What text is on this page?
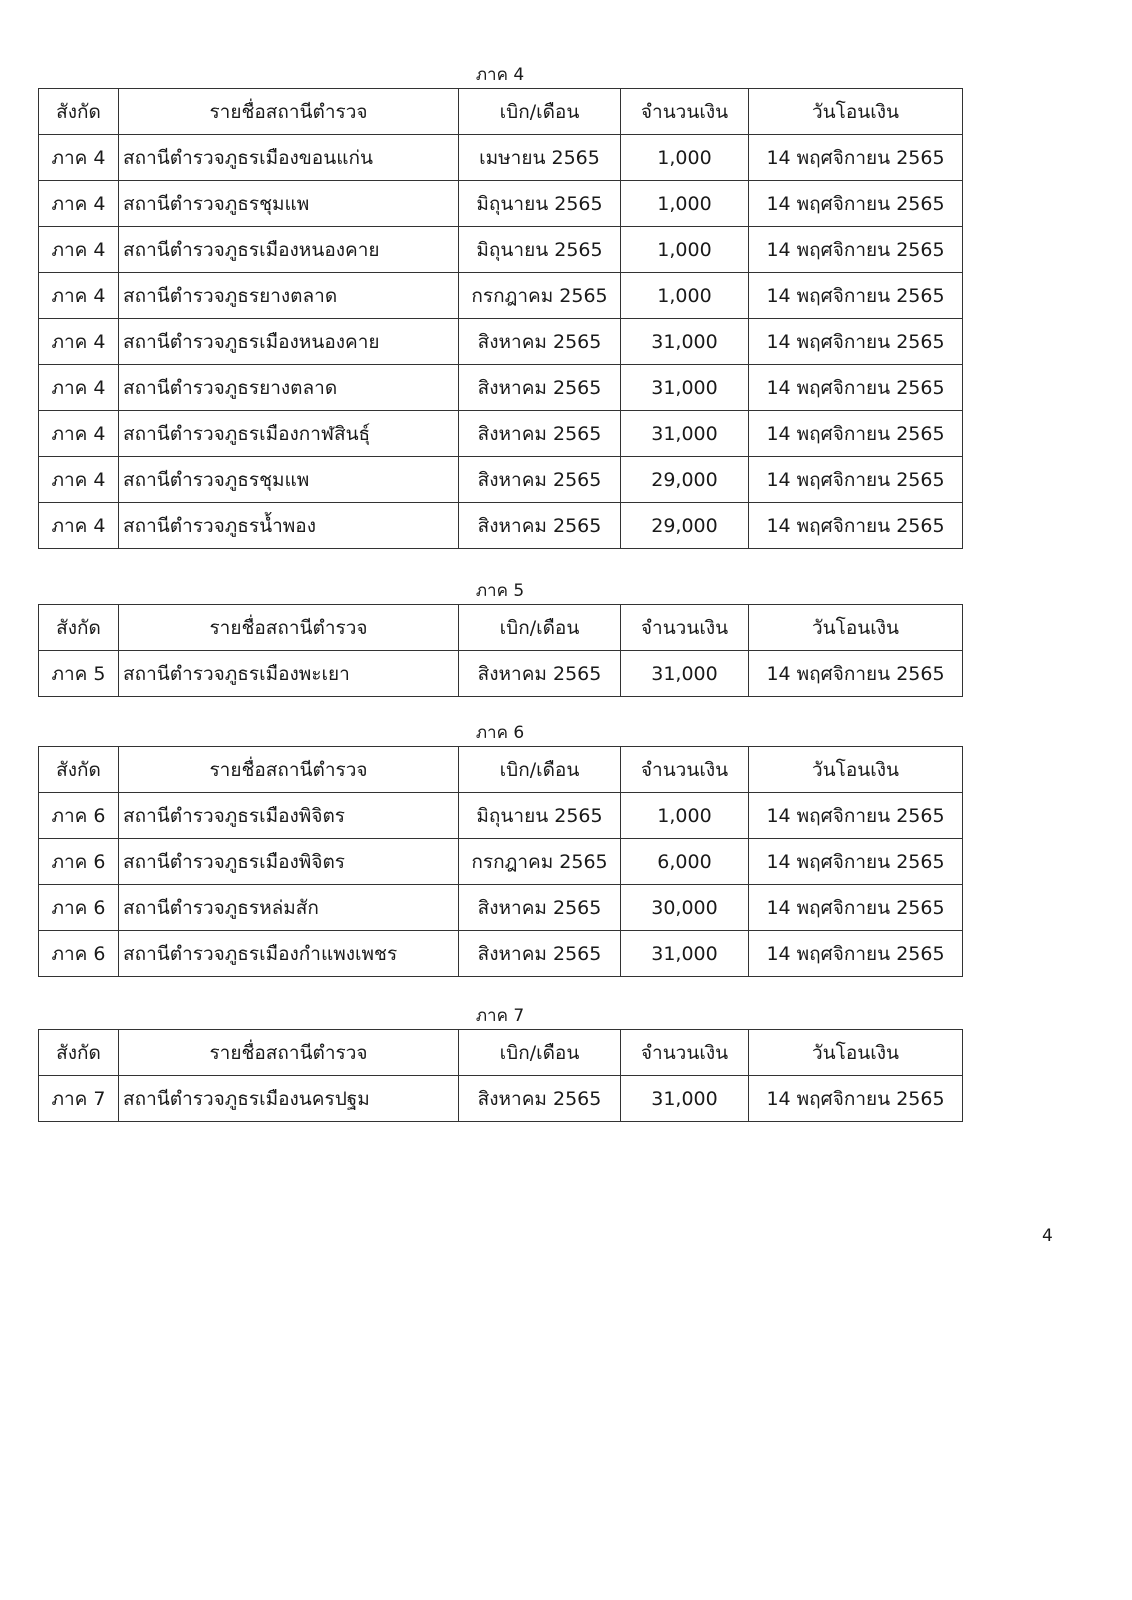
ภาค 4
สังกัด	รายชื่อสถานีตำรวจ	เบิก/เดือน	จำนวนเงิน	วันโอนเงิน
ภาค 4	สถานีตำรวจภูธรเมืองขอนแก่น	เมษายน 2565	1,000	14 พฤศจิกายน 2565
ภาค 4	สถานีตำรวจภูธรชุมแพ	มิถุนายน 2565	1,000	14 พฤศจิกายน 2565
ภาค 4	สถานีตำรวจภูธรเมืองหนองคาย	มิถุนายน 2565	1,000	14 พฤศจิกายน 2565
ภาค 4	สถานีตำรวจภูธรยางตลาด	กรกฎาคม 2565	1,000	14 พฤศจิกายน 2565
ภาค 4	สถานีตำรวจภูธรเมืองหนองคาย	สิงหาคม 2565	31,000	14 พฤศจิกายน 2565
ภาค 4	สถานีตำรวจภูธรยางตลาด	สิงหาคม 2565	31,000	14 พฤศจิกายน 2565
ภาค 4	สถานีตำรวจภูธรเมืองกาฬสินธุ์	สิงหาคม 2565	31,000	14 พฤศจิกายน 2565
ภาค 4	สถานีตำรวจภูธรชุมแพ	สิงหาคม 2565	29,000	14 พฤศจิกายน 2565
ภาค 4	สถานีตำรวจภูธรน้ำพอง	สิงหาคม 2565	29,000	14 พฤศจิกายน 2565
ภาค 5
สังกัด	รายชื่อสถานีตำรวจ	เบิก/เดือน	จำนวนเงิน	วันโอนเงิน
ภาค 5	สถานีตำรวจภูธรเมืองพะเยา	สิงหาคม 2565	31,000	14 พฤศจิกายน 2565
ภาค 6
สังกัด	รายชื่อสถานีตำรวจ	เบิก/เดือน	จำนวนเงิน	วันโอนเงิน
ภาค 6	สถานีตำรวจภูธรเมืองพิจิตร	มิถุนายน 2565	1,000	14 พฤศจิกายน 2565
ภาค 6	สถานีตำรวจภูธรเมืองพิจิตร	กรกฎาคม 2565	6,000	14 พฤศจิกายน 2565
ภาค 6	สถานีตำรวจภูธรหล่มสัก	สิงหาคม 2565	30,000	14 พฤศจิกายน 2565
ภาค 6	สถานีตำรวจภูธรเมืองกำแพงเพชร	สิงหาคม 2565	31,000	14 พฤศจิกายน 2565
ภาค 7
สังกัด	รายชื่อสถานีตำรวจ	เบิก/เดือน	จำนวนเงิน	วันโอนเงิน
ภาค 7	สถานีตำรวจภูธรเมืองนครปฐม	สิงหาคม 2565	31,000	14 พฤศจิกายน 2565
4
